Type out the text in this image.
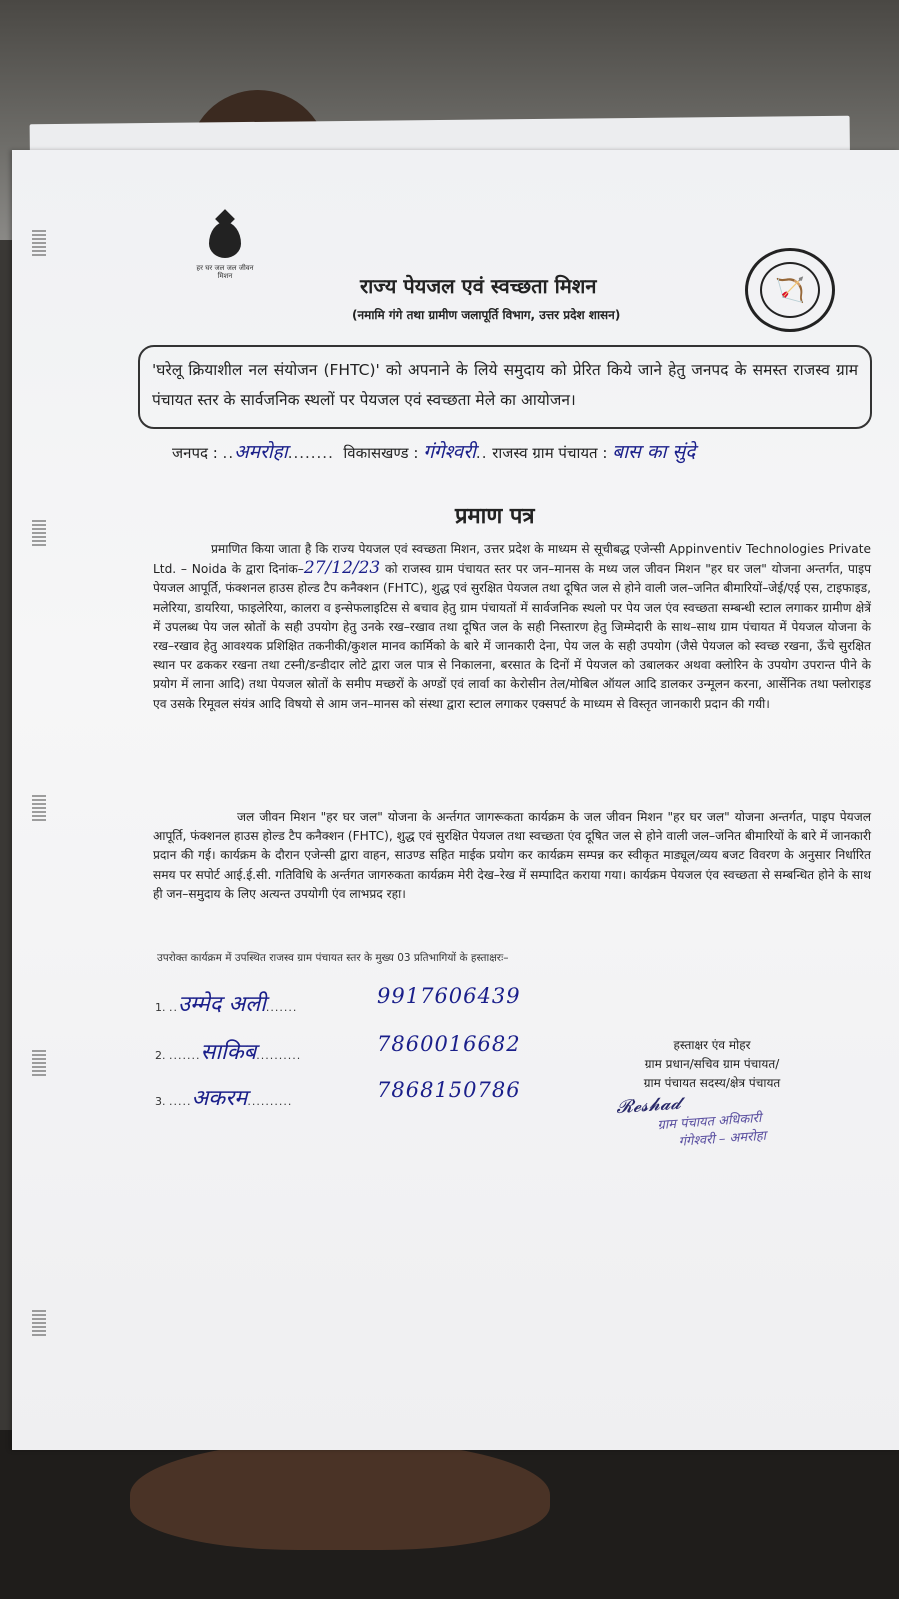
हर घर जल जल जीवन मिशन	राज्य पेयजल एवं स्वच्छता मिशन
(नमामि गंगे तथा ग्रामीण जलापूर्ति विभाग, उत्तर प्रदेश शासन)
🏹

'घरेलू क्रियाशील नल संयोजन (FHTC)' को अपनाने के लिये समुदाय को प्रेरित किये जाने हेतु जनपद के समस्त राजस्व ग्राम पंचायत स्तर के सार्वजनिक स्थलों पर पेयजल एवं स्वच्छता मेले का आयोजन।

जनपद : ..अमरोहा........ विकासखण्ड : गंगेश्वरी.. राजस्व ग्राम पंचायत : बास का सुंदे
प्रमाण पत्र

प्रमाणित किया जाता है कि राज्य पेयजल एवं स्वच्छता मिशन, उत्तर प्रदेश के माध्यम से सूचीबद्ध एजेन्सी Appinventiv Technologies Private Ltd. – Noida के द्वारा दिनांक–27/12/23 को राजस्व ग्राम पंचायत स्तर पर जन–मानस के मध्य जल जीवन मिशन "हर घर जल" योजना अन्तर्गत, पाइप पेयजल आपूर्ति, फंक्शनल हाउस होल्ड टैप कनैक्शन (FHTC), शुद्ध एवं सुरक्षित पेयजल तथा दूषित जल से होने वाली जल–जनित बीमारियों–जेई/एई एस, टाइफाइड, मलेरिया, डायरिया, फाइलेरिया, कालरा व इन्सेफलाइटिस से बचाव हेतु ग्राम पंचायतों में सार्वजनिक स्थलो पर पेय जल एंव स्वच्छता सम्बन्धी स्टाल लगाकर ग्रामीण क्षेत्रें में उपलब्ध पेय जल स्रोतों के सही उपयोग हेतु उनके रख–रखाव तथा दूषित जल के सही निस्तारण हेतु जिम्मेदारी के साथ–साथ ग्राम पंचायत में पेयजल योजना के रख–रखाव हेतु आवश्यक प्रशिक्षित तकनीकी/कुशल मानव कार्मिको के बारे में जानकारी देना, पेय जल के सही उपयोग (जैसे पेयजल को स्वच्छ रखना, ऊँचे सुरक्षित स्थान पर ढककर रखना तथा टस्नी/डन्डीदार लोटे द्वारा जल पात्र से निकालना, बरसात के दिनों में पेयजल को उबालकर अथवा क्लोरिन के उपयोग उपरान्त पीने के प्रयोग में लाना आदि) तथा पेयजल स्रोतों के समीप मच्छरों के अण्डों एवं लार्वा का केरोसीन तेल/मोबिल ऑयल आदि डालकर उन्मूलन करना, आर्सेनिक तथा फ्लोराइड एव उसके रिमूवल संयंत्र आदि विषयो से आम जन–मानस को संस्था द्वारा स्टाल लगाकर एक्सपर्ट के माध्यम से विस्तृत जानकारी प्रदान की गयी।

जल जीवन मिशन "हर घर जल" योजना के अर्न्तगत जागरूकता कार्यक्रम के जल जीवन मिशन "हर घर जल" योजना अन्तर्गत, पाइप पेयजल आपूर्ति, फंक्शनल हाउस होल्ड टैप कनैक्शन (FHTC), शुद्ध एवं सुरक्षित पेयजल तथा स्वच्छता एंव दूषित जल से होने वाली जल–जनित बीमारियों के बारे में जानकारी प्रदान की गई। कार्यक्रम के दौरान एजेन्सी द्वारा वाहन, साउण्ड सहित माईक प्रयोग कर कार्यक्रम सम्पन्न कर स्वीकृत माड्यूल/व्यय बजट विवरण के अनुसार निर्धारित समय पर सपोर्ट आई.ई.सी. गतिविधि के अर्न्तगत जागरुकता कार्यक्रम मेरी देख–रेख में सम्पादित कराया गया। कार्यक्रम पेयजल एंव स्वच्छता से सम्बन्धित होने के साथ ही जन–समुदाय के लिए अत्यन्त उपयोगी एंव लाभप्रद रहा।

उपरोक्त कार्यक्रम में उपस्थित राजस्व ग्राम पंचायत स्तर के मुख्य 03 प्रतिभागियों के हस्ताक्षरः–

1. ..उम्मेद अली.......	9917606439
2. .......साकिब..........	7860016682
3. .....अकरम..........	7868150786
हस्ताक्षर एंव मोहर
ग्राम प्रधान/सचिव ग्राम पंचायत/
ग्राम पंचायत सदस्य/क्षेत्र पंचायत
𝓡𝓮𝓼𝓱𝓪𝓭
ग्राम पंचायत अधिकारी
गंगेश्वरी – अमरोहा
